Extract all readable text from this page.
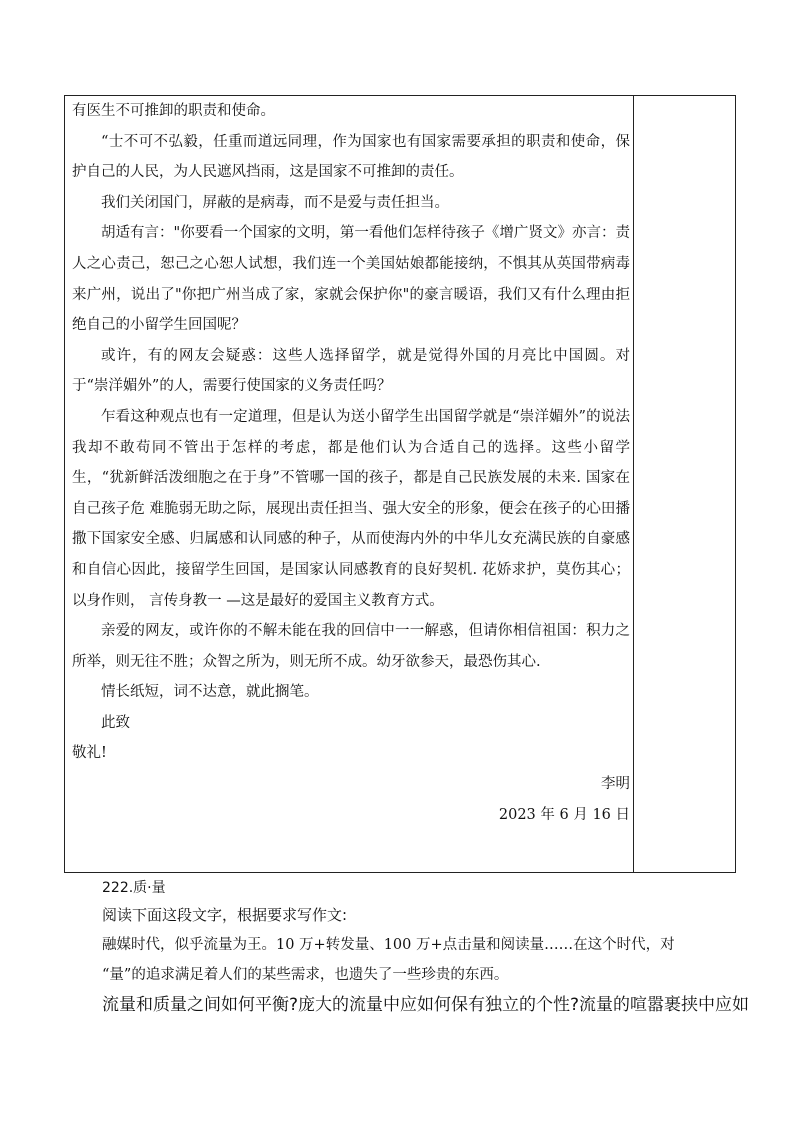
有医生不可推卸的职责和使命。

“士不可不弘毅，任重而道远同理，作为国家也有国家需要承担的职责和使命，保护自己的人民，为人民遮风挡雨，这是国家不可推卸的责任。

我们关闭国门，屏蔽的是病毒，而不是爱与责任担当。

胡适有言："你要看一个国家的文明，第一看他们怎样待孩子《增广贤文》亦言：责人之心责己，恕己之心恕人试想，我们连一个美国姑娘都能接纳，不惧其从英国带病毒来广州，说出了"你把广州当成了家，家就会保护你"的豪言暖语，我们又有什么理由拒绝自己的小留学生回国呢？

或许，有的网友会疑惑：这些人选择留学，就是觉得外国的月亮比中国圆。对于“崇洋媚外”的人，需要行使国家的义务责任吗？

乍看这种观点也有一定道理，但是认为送小留学生出国留学就是“崇洋媚外”的说法我却不敢苟同不管出于怎样的考虑，都是他们认为合适自己的选择。这些小留学生，“犹新鲜活泼细胞之在于身”不管哪一国的孩子，都是自己民族发展的未来. 国家在自己孩子危 难脆弱无助之际，展现出责任担当、强大安全的形象，便会在孩子的心田播撒下国家安全感、归属感和认同感的种子，从而使海内外的中华儿女充满民族的自豪感和自信心因此，接留学生回国，是国家认同感教育的良好契机. 花娇求护，莫伤其心；以身作则， 言传身教一 —这是最好的爱国主义教育方式。

亲爱的网友，或许你的不解未能在我的回信中一一解惑，但请你相信祖国：积力之所举，则无往不胜；众智之所为，则无所不成。幼牙欲参天，最恐伤其心.

情长纸短，词不达意，就此搁笔。

此致

敬礼!

李明

2023 年 6 月 16 日

222.质·量

阅读下面这段文字，根据要求写作文:

融媒时代，似乎流量为王。10 万+转发量、100 万+点击量和阅读量……在这个时代，对

“量”的追求满足着人们的某些需求，也遗失了一些珍贵的东西。

流量和质量之间如何平衡?庞大的流量中应如何保有独立的个性?流量的喧嚣裹挟中应如
